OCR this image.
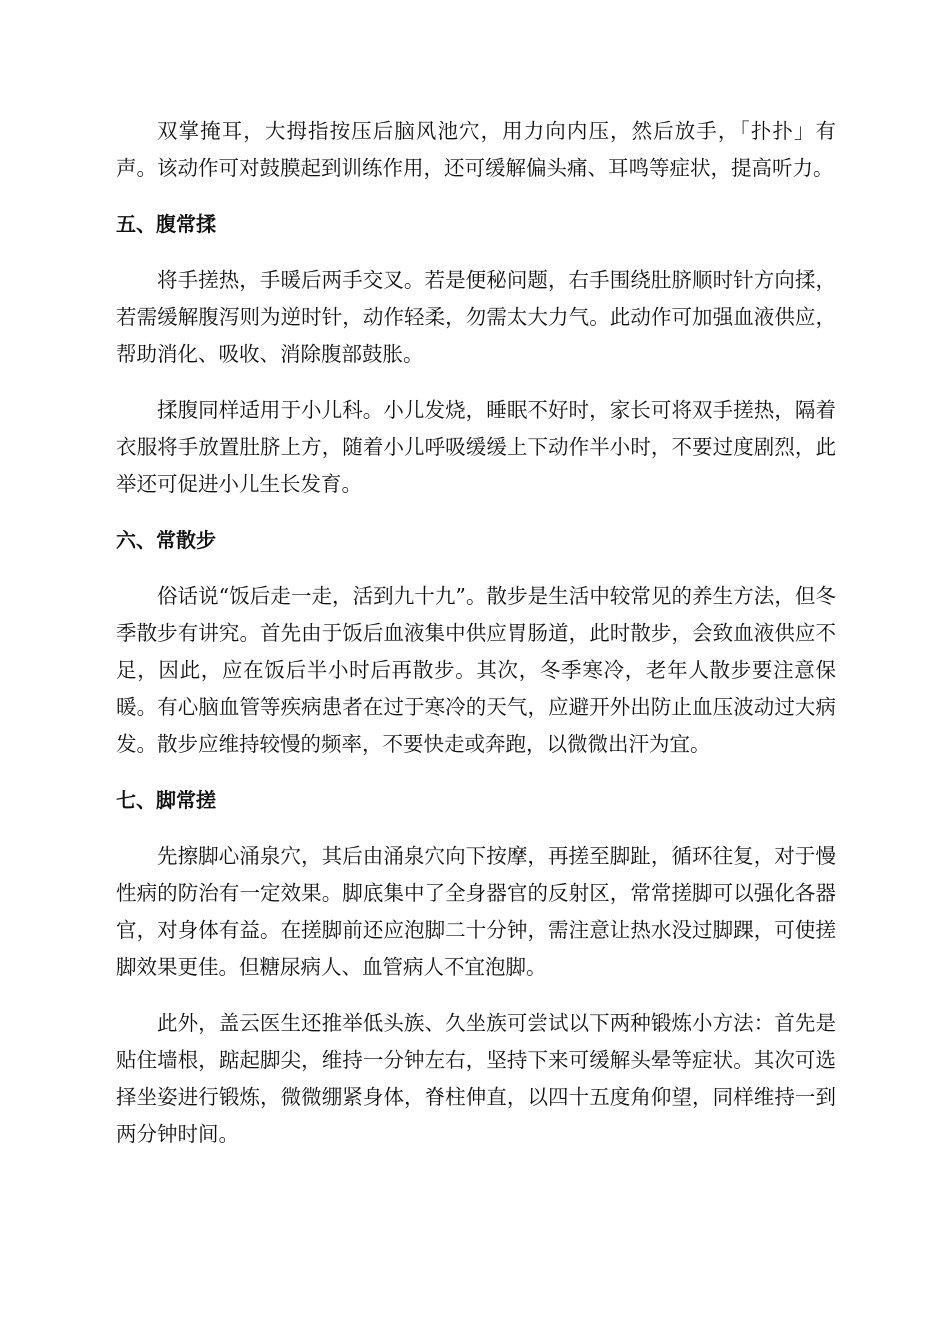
双掌掩耳，大拇指按压后脑风池穴，用力向内压，然后放手，「扑扑」有声。该动作可对鼓膜起到训练作用，还可缓解偏头痛、耳鸣等症状，提高听力。

五、腹常揉

将手搓热，手暖后两手交叉。若是便秘问题，右手围绕肚脐顺时针方向揉，若需缓解腹泻则为逆时针，动作轻柔，勿需太大力气。此动作可加强血液供应，帮助消化、吸收、消除腹部鼓胀。

揉腹同样适用于小儿科。小儿发烧，睡眠不好时，家长可将双手搓热，隔着衣服将手放置肚脐上方，随着小儿呼吸缓缓上下动作半小时，不要过度剧烈，此举还可促进小儿生长发育。

六、常散步

俗话说“饭后走一走，活到九十九”。散步是生活中较常见的养生方法，但冬季散步有讲究。首先由于饭后血液集中供应胃肠道，此时散步，会致血液供应不足，因此，应在饭后半小时后再散步。其次，冬季寒冷，老年人散步要注意保暖。有心脑血管等疾病患者在过于寒冷的天气，应避开外出防止血压波动过大病发。散步应维持较慢的频率，不要快走或奔跑，以微微出汗为宜。

七、脚常搓

先擦脚心涌泉穴，其后由涌泉穴向下按摩，再搓至脚趾，循环往复，对于慢性病的防治有一定效果。脚底集中了全身器官的反射区，常常搓脚可以强化各器官，对身体有益。在搓脚前还应泡脚二十分钟，需注意让热水没过脚踝，可使搓脚效果更佳。但糖尿病人、血管病人不宜泡脚。

此外，盖云医生还推举低头族、久坐族可尝试以下两种锻炼小方法：首先是贴住墙根，踮起脚尖，维持一分钟左右，坚持下来可缓解头晕等症状。其次可选择坐姿进行锻炼，微微绷紧身体，脊柱伸直，以四十五度角仰望，同样维持一到两分钟时间。
